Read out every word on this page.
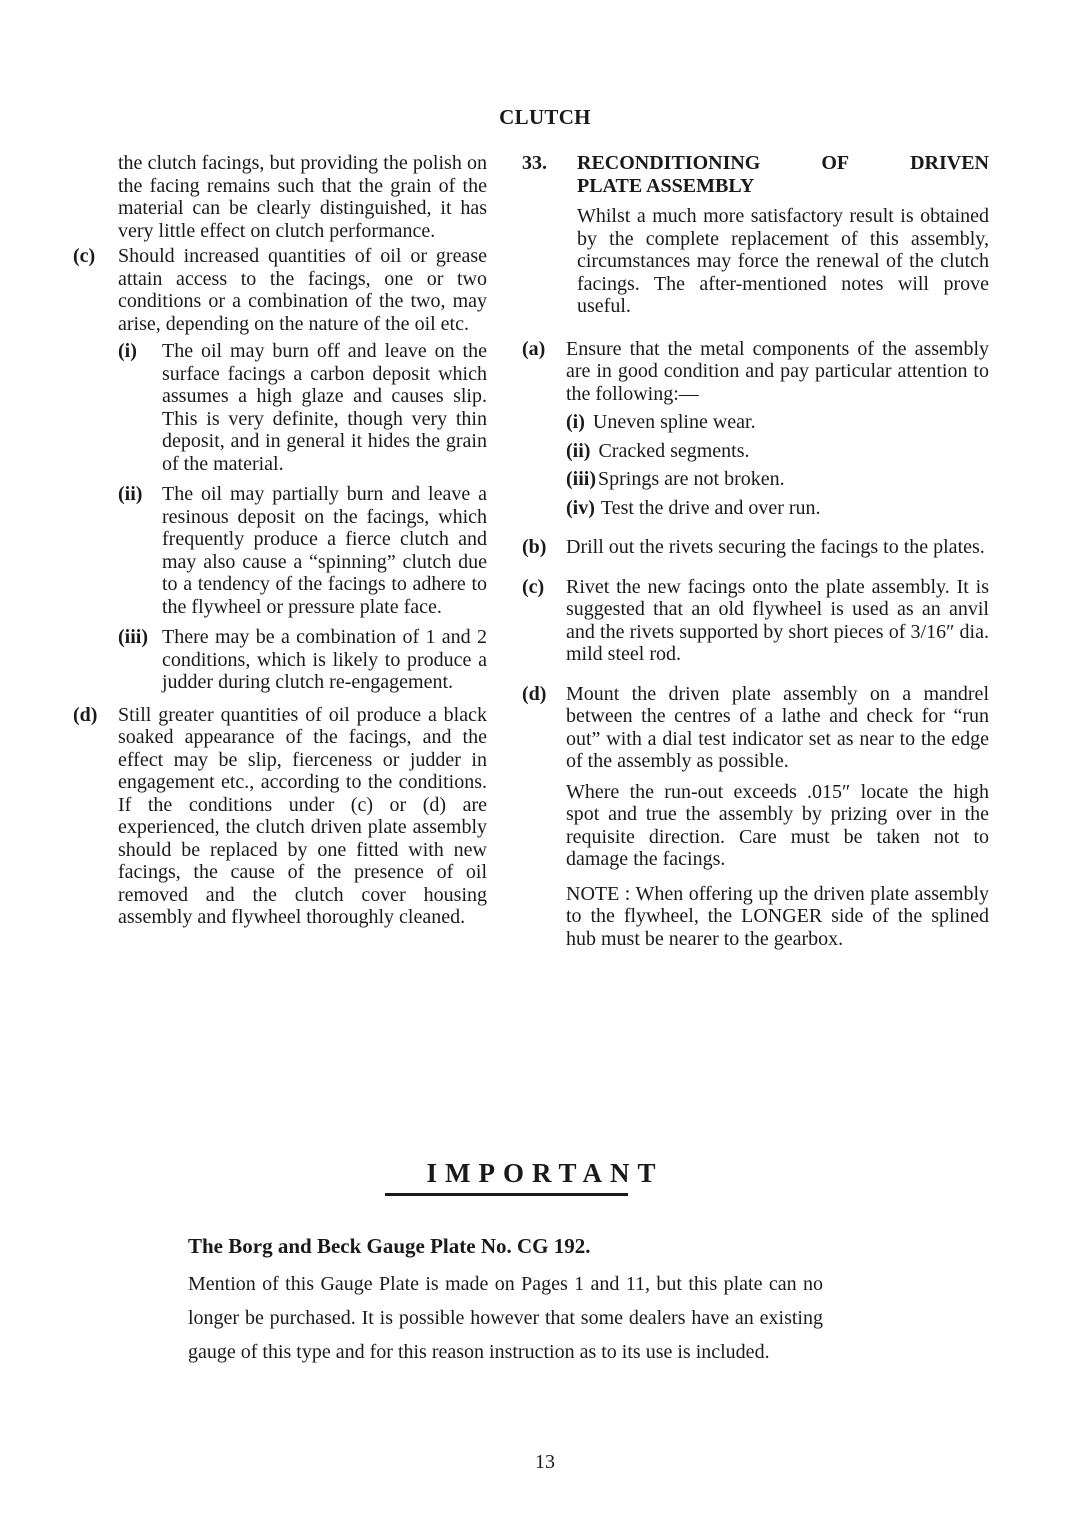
CLUTCH

the clutch facings, but providing the polish on the facing remains such that the grain of the material can be clearly distinguished, it has very little effect on clutch performance.

(c)	Should increased quantities of oil or grease attain access to the facings, one or two conditions or a combination of the two, may arise, depending on the nature of the oil etc.

(i)	The oil may burn off and leave on the surface facings a carbon deposit which assumes a high glaze and causes slip. This is very definite, though very thin deposit, and in general it hides the grain of the material.
(ii) The oil may partially burn and leave a resinous deposit on the facings, which frequently produce a fierce clutch and may also cause a “spinning” clutch due to a tendency of the facings to adhere to the flywheel or pressure plate face.
(iii) There may be a combination of 1 and 2 conditions, which is likely to produce a judder during clutch re-engagement.
(d)	Still greater quantities of oil produce a black soaked appearance of the facings, and the effect may be slip, fierceness or judder in engagement etc., according to the conditions. If the conditions under (c) or (d) are experienced, the clutch driven plate assembly should be replaced by one fitted with new facings, the cause of the presence of oil removed and the clutch cover housing assembly and flywheel thoroughly cleaned.

33.	RECONDITIONING	OF	DRIVEN
PLATE ASSEMBLY

Whilst a much more satisfactory result is obtained by the complete replacement of this assembly, circumstances may force the renewal of the clutch facings. The after-mentioned notes will prove useful.

(a)	Ensure that the metal components of the assembly are in good condition and pay particular attention to the following:—

(i) Uneven spline wear.
(ii) Cracked segments.
(iii) Springs are not broken.
(iv) Test the drive and over run.
(b) Drill out the rivets securing the facings to the plates.

(c)	Rivet the new facings onto the plate assembly. It is suggested that an old flywheel is used as an anvil and the rivets supported by short pieces of 3/16″ dia. mild steel rod.

(d) Mount the driven plate assembly on a mandrel between the centres of a lathe and check for “run out” with a dial test indicator set as near to the edge of the assembly as possible.

Where the run-out exceeds .015″ locate the high spot and true the assembly by prizing over in the requisite direction. Care must be taken not to damage the facings.

NOTE : When offering up the driven plate assembly to the flywheel, the LONGER side of the splined hub must be nearer to the gearbox.

IMPORTANT
The Borg and Beck Gauge Plate No. CG 192.

Mention of this Gauge Plate is made on Pages 1 and 11, but this plate can no longer be purchased. It is possible however that some dealers have an existing gauge of this type and for this reason instruction as to its use is included.

13
